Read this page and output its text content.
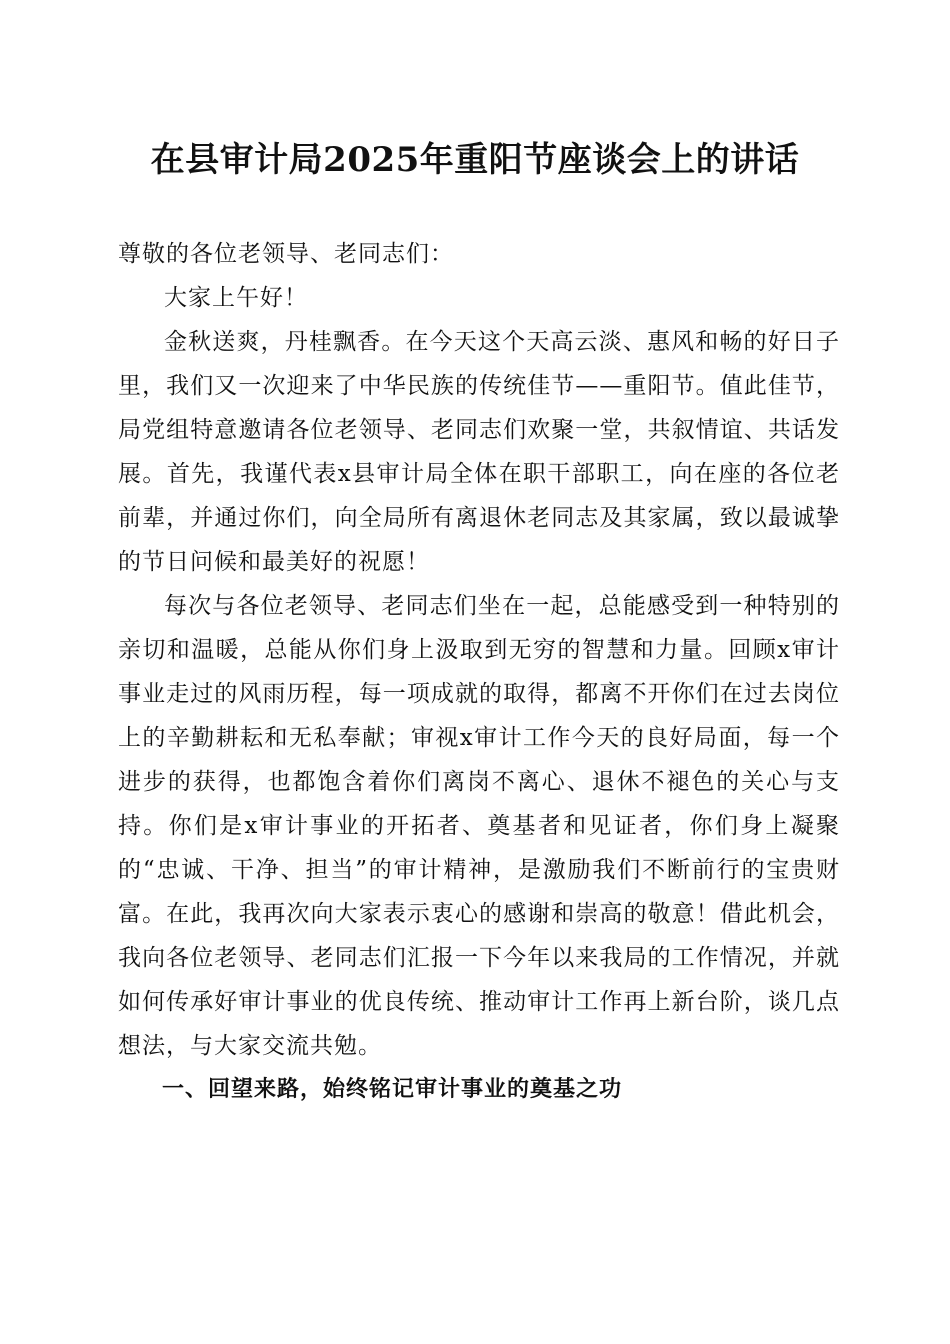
在县审计局2025年重阳节座谈会上的讲话

尊敬的各位老领导、老同志们：

大家上午好！

金秋送爽，丹桂飘香。在今天这个天高云淡、惠风和畅的好日子里，我们又一次迎来了中华民族的传统佳节——重阳节。值此佳节，局党组特意邀请各位老领导、老同志们欢聚一堂，共叙情谊、共话发展。首先，我谨代表x县审计局全体在职干部职工，向在座的各位老前辈，并通过你们，向全局所有离退休老同志及其家属，致以最诚挚的节日问候和最美好的祝愿！

每次与各位老领导、老同志们坐在一起，总能感受到一种特别的亲切和温暖，总能从你们身上汲取到无穷的智慧和力量。回顾x审计事业走过的风雨历程，每一项成就的取得，都离不开你们在过去岗位上的辛勤耕耘和无私奉献；审视x审计工作今天的良好局面，每一个进步的获得，也都饱含着你们离岗不离心、退休不褪色的关心与支持。你们是x审计事业的开拓者、奠基者和见证者，你们身上凝聚的“忠诚、干净、担当”的审计精神，是激励我们不断前行的宝贵财富。在此，我再次向大家表示衷心的感谢和崇高的敬意！借此机会，我向各位老领导、老同志们汇报一下今年以来我局的工作情况，并就如何传承好审计事业的优良传统、推动审计工作再上新台阶，谈几点想法，与大家交流共勉。

一、回望来路，始终铭记审计事业的奠基之功
